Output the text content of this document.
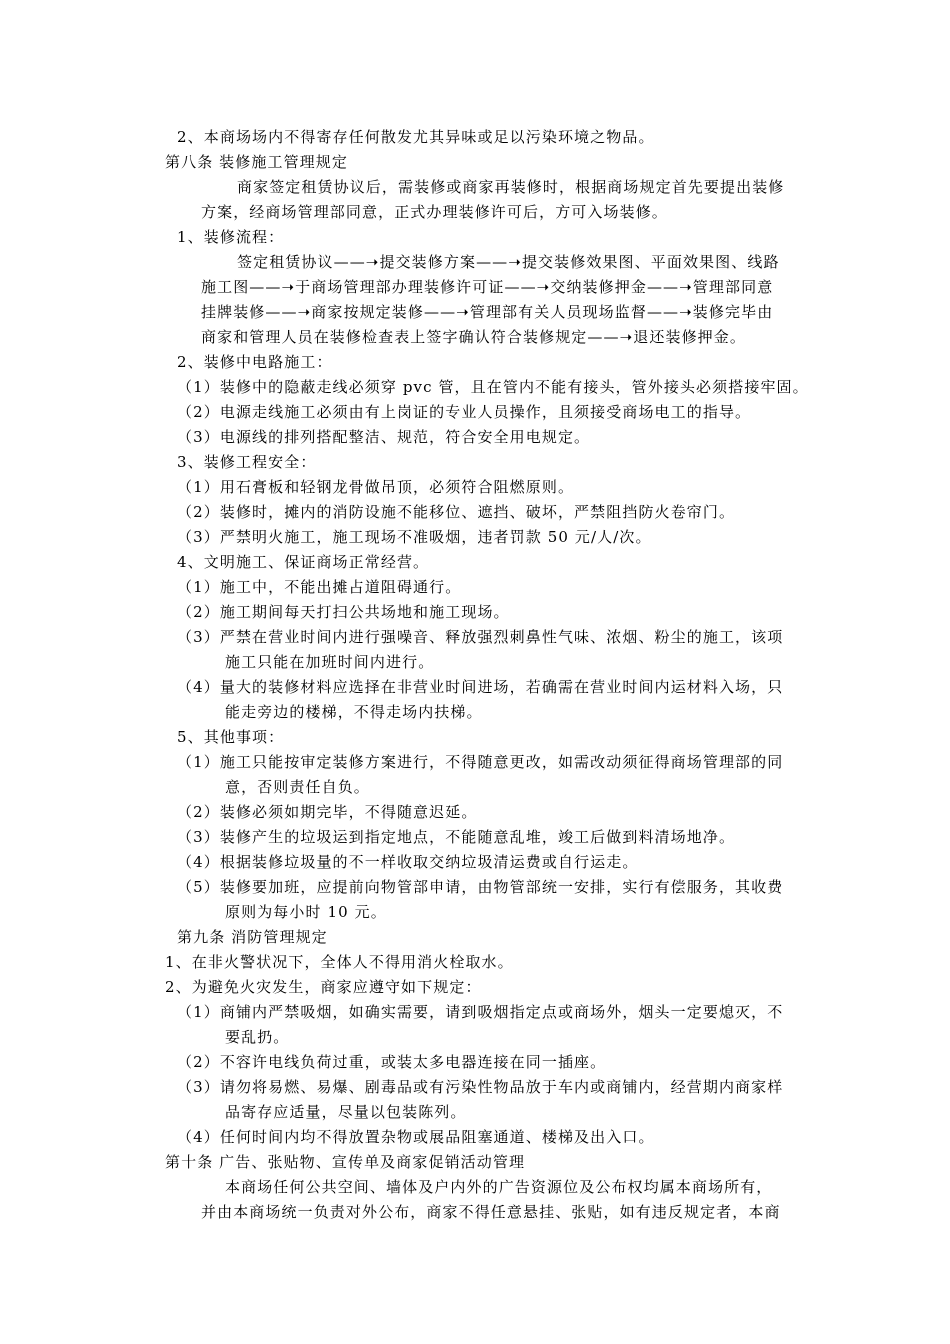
2、本商场场内不得寄存任何散发尤其异味或足以污染环境之物品。
第八条 装修施工管理规定
商家签定租赁协议后，需装修或商家再装修时，根据商场规定首先要提出装修
方案，经商场管理部同意，正式办理装修许可后，方可入场装修。
1、装修流程：
签定租赁协议——➝提交装修方案——➝提交装修效果图、平面效果图、线路
施工图——➝于商场管理部办理装修许可证——➝交纳装修押金——➝管理部同意
挂牌装修——➝商家按规定装修——➝管理部有关人员现场监督——➝装修完毕由
商家和管理人员在装修检查表上签字确认符合装修规定——➝退还装修押金。
2、装修中电路施工：
（1）装修中的隐蔽走线必须穿 pvc 管，且在管内不能有接头，管外接头必须搭接牢固。
（2）电源走线施工必须由有上岗证的专业人员操作，且须接受商场电工的指导。
（3）电源线的排列搭配整洁、规范，符合安全用电规定。
3、装修工程安全：
（1）用石膏板和轻钢龙骨做吊顶，必须符合阻燃原则。
（2）装修时，摊内的消防设施不能移位、遮挡、破坏，严禁阻挡防火卷帘门。
（3）严禁明火施工，施工现场不准吸烟，违者罚款 50 元/人/次。
4、文明施工、保证商场正常经营。
（1）施工中，不能出摊占道阻碍通行。
（2）施工期间每天打扫公共场地和施工现场。
（3）严禁在营业时间内进行强噪音、释放强烈刺鼻性气味、浓烟、粉尘的施工，该项
施工只能在加班时间内进行。
（4）量大的装修材料应选择在非营业时间进场，若确需在营业时间内运材料入场，只
能走旁边的楼梯，不得走场内扶梯。
5、其他事项：
（1）施工只能按审定装修方案进行，不得随意更改，如需改动须征得商场管理部的同
意，否则责任自负。
（2）装修必须如期完毕，不得随意迟延。
（3）装修产生的垃圾运到指定地点，不能随意乱堆，竣工后做到料清场地净。
（4）根据装修垃圾量的不一样收取交纳垃圾清运费或自行运走。
（5）装修要加班，应提前向物管部申请，由物管部统一安排，实行有偿服务，其收费
原则为每小时 10 元。
第九条 消防管理规定
1、在非火警状况下，全体人不得用消火栓取水。
2、为避免火灾发生，商家应遵守如下规定：
（1）商铺内严禁吸烟，如确实需要，请到吸烟指定点或商场外，烟头一定要熄灭，不
要乱扔。
（2）不容许电线负荷过重，或装太多电器连接在同一插座。
（3）请勿将易燃、易爆、剧毒品或有污染性物品放于车内或商铺内，经营期内商家样
品寄存应适量，尽量以包装陈列。
（4）任何时间内均不得放置杂物或展品阻塞通道、楼梯及出入口。
第十条 广告、张贴物、宣传单及商家促销活动管理
本商场任何公共空间、墙体及户内外的广告资源位及公布权均属本商场所有，
并由本商场统一负责对外公布，商家不得任意悬挂、张贴，如有违反规定者，本商
